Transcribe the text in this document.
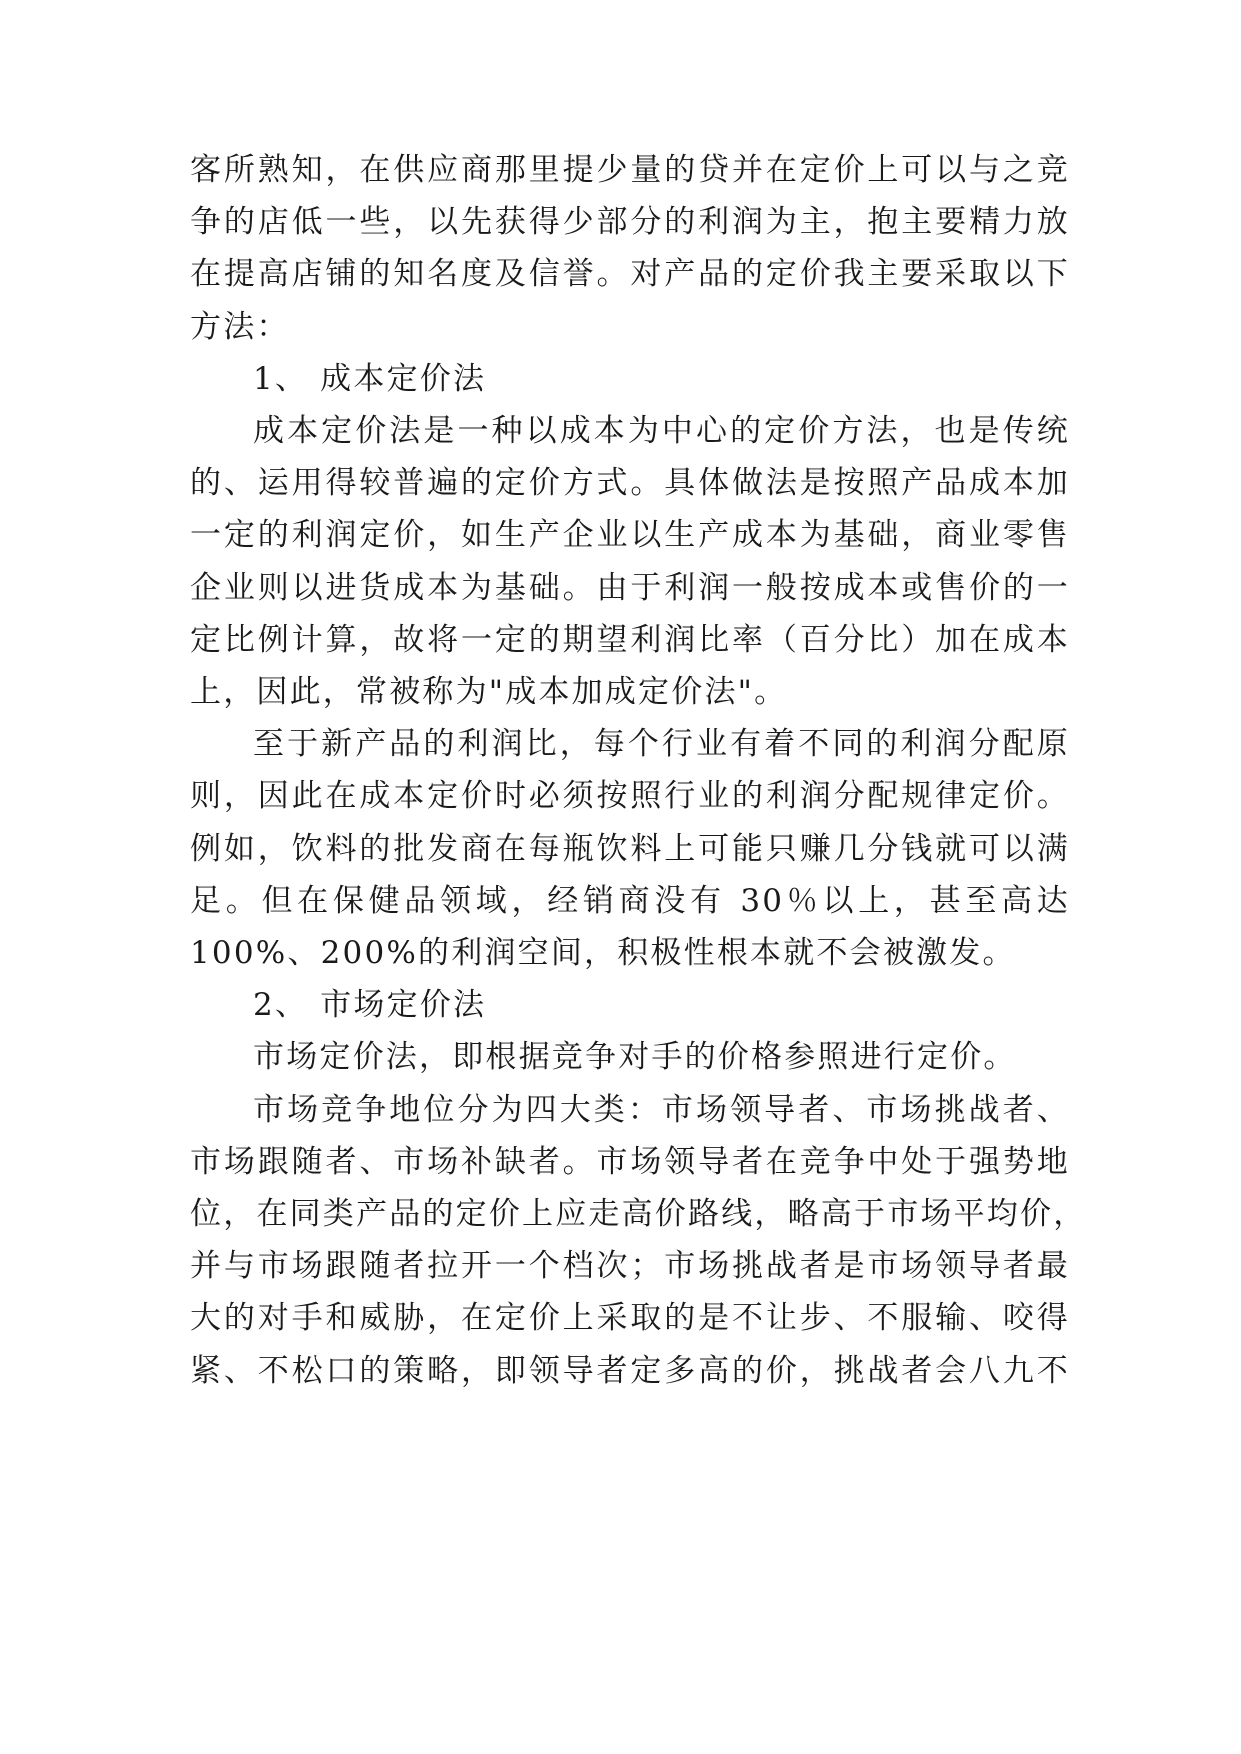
客所熟知，在供应商那里提少量的贷并在定价上可以与之竞
争的店低一些，以先获得少部分的利润为主，抱主要精力放
在提高店铺的知名度及信誉。对产品的定价我主要采取以下
方法：
1、 成本定价法
成本定价法是一种以成本为中心的定价方法，也是传统
的、运用得较普遍的定价方式。具体做法是按照产品成本加
一定的利润定价，如生产企业以生产成本为基础，商业零售
企业则以进货成本为基础。由于利润一般按成本或售价的一
定比例计算，故将一定的期望利润比率（百分比）加在成本
上，因此，常被称为"成本加成定价法"。
至于新产品的利润比，每个行业有着不同的利润分配原
则，因此在成本定价时必须按照行业的利润分配规律定价。
例如，饮料的批发商在每瓶饮料上可能只赚几分钱就可以满
足。但在保健品领域，经销商没有 30％以上，甚至高达
100%、200%的利润空间，积极性根本就不会被激发。
2、 市场定价法
市场定价法，即根据竞争对手的价格参照进行定价。
市场竞争地位分为四大类：市场领导者、市场挑战者、
市场跟随者、市场补缺者。市场领导者在竞争中处于强势地
位，在同类产品的定价上应走高价路线，略高于市场平均价，
并与市场跟随者拉开一个档次；市场挑战者是市场领导者最
大的对手和威胁，在定价上采取的是不让步、不服输、咬得
紧、不松口的策略，即领导者定多高的价，挑战者会八九不
